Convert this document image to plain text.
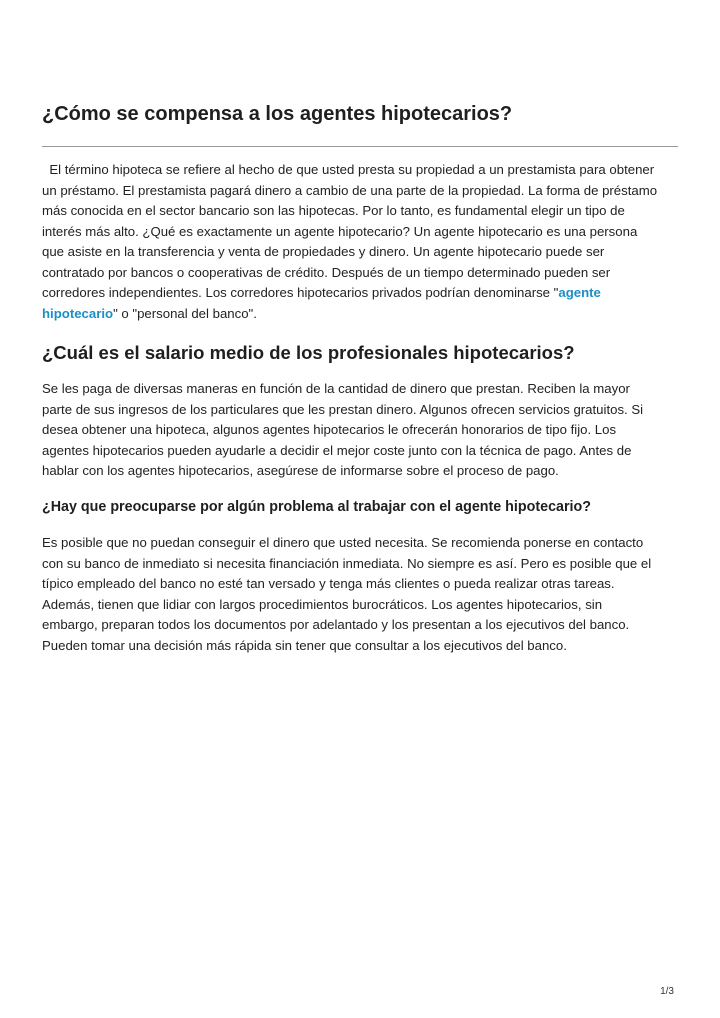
¿Cómo se compensa a los agentes hipotecarios?

El término hipoteca se refiere al hecho de que usted presta su propiedad a un prestamista para obtener
un préstamo. El prestamista pagará dinero a cambio de una parte de la propiedad. La forma de préstamo
más conocida en el sector bancario son las hipotecas. Por lo tanto, es fundamental elegir un tipo de
interés más alto. ¿Qué es exactamente un agente hipotecario? Un agente hipotecario es una persona
que asiste en la transferencia y venta de propiedades y dinero. Un agente hipotecario puede ser
contratado por bancos o cooperativas de crédito. Después de un tiempo determinado pueden ser
corredores independientes. Los corredores hipotecarios privados podrían denominarse "agente
hipotecario" o "personal del banco".

¿Cuál es el salario medio de los profesionales hipotecarios?

Se les paga de diversas maneras en función de la cantidad de dinero que prestan. Reciben la mayor
parte de sus ingresos de los particulares que les prestan dinero. Algunos ofrecen servicios gratuitos. Si
desea obtener una hipoteca, algunos agentes hipotecarios le ofrecerán honorarios de tipo fijo. Los
agentes hipotecarios pueden ayudarle a decidir el mejor coste junto con la técnica de pago. Antes de
hablar con los agentes hipotecarios, asegúrese de informarse sobre el proceso de pago.

¿Hay que preocuparse por algún problema al trabajar con el agente hipotecario?

Es posible que no puedan conseguir el dinero que usted necesita. Se recomienda ponerse en contacto
con su banco de inmediato si necesita financiación inmediata. No siempre es así. Pero es posible que el
típico empleado del banco no esté tan versado y tenga más clientes o pueda realizar otras tareas.
Además, tienen que lidiar con largos procedimientos burocráticos. Los agentes hipotecarios, sin
embargo, preparan todos los documentos por adelantado y los presentan a los ejecutivos del banco.
Pueden tomar una decisión más rápida sin tener que consultar a los ejecutivos del banco.

1/3
